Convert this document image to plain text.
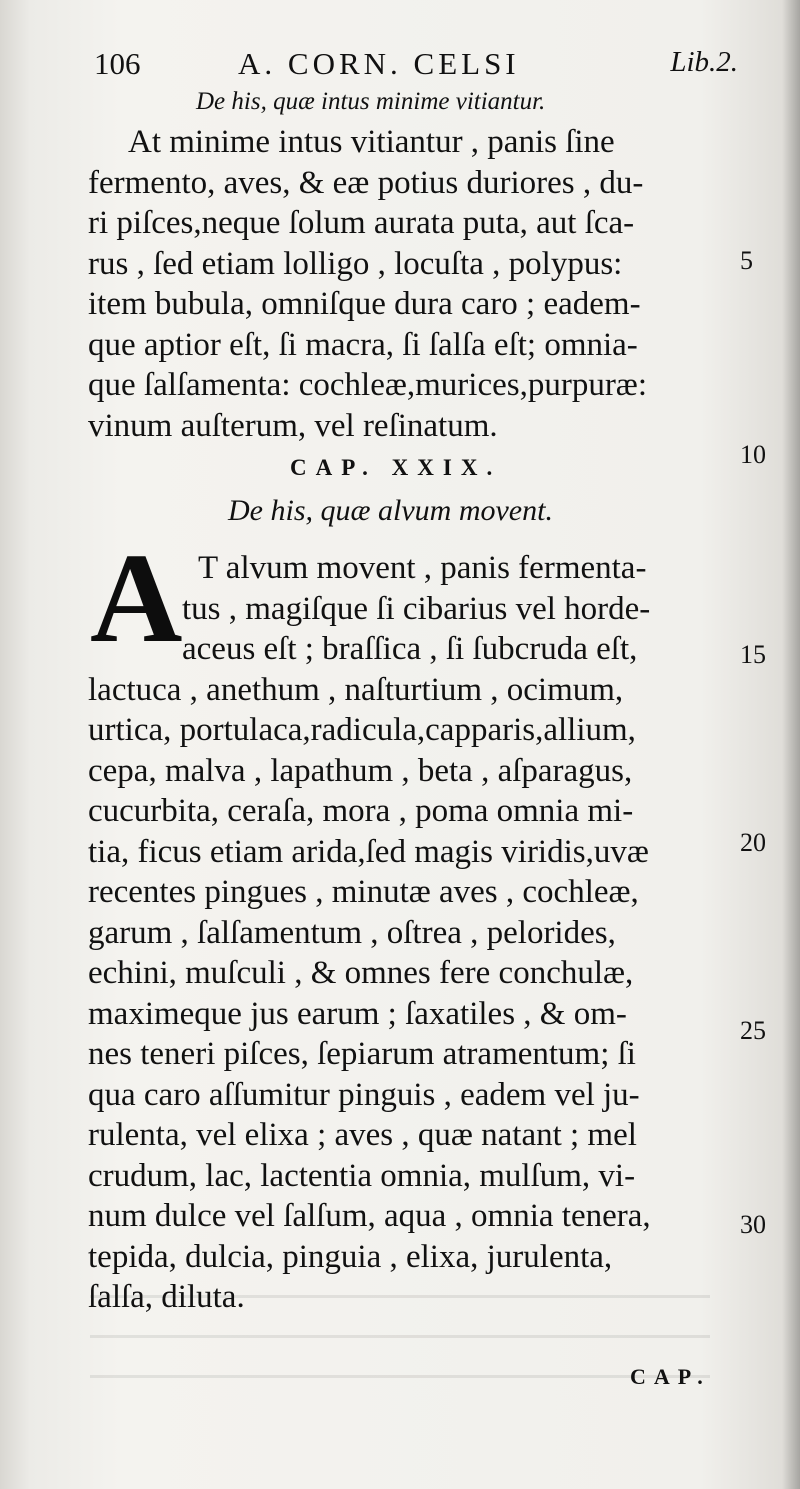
106	A. CORN. CELSI	Lib.2.
De his, quæ intus minime vitiantur.
At minime intus vitiantur , panis ſine
fermento, aves, & eæ potius duriores , du-
ri piſces,neque ſolum aurata puta, aut ſca-
rus , ſed etiam lolligo , locuſta , polypus:
item bubula, omniſque dura caro ; eadem-
que aptior eſt, ſi macra, ſi ſalſa eſt; omnia-
que ſalſamenta: cochleæ,murices,purpuræ:
vinum auſterum, vel reſinatum.
CAP. XXIX.
De his, quæ alvum movent.
A T alvum movent , panis fermenta-
tus , magiſque ſi cibarius vel horde-
aceus eſt ; braſſica , ſi ſubcruda eſt,
lactuca , anethum , naſturtium , ocimum,
urtica, portulaca,radicula,capparis,allium,
cepa, malva , lapathum , beta , aſparagus,
cucurbita, ceraſa, mora , poma omnia mi-
tia, ficus etiam arida,ſed magis viridis,uvæ
recentes pingues , minutæ aves , cochleæ,
garum , ſalſamentum , oſtrea , pelorides,
echini, muſculi , & omnes fere conchulæ,
maximeque jus earum ; ſaxatiles , & om-
nes teneri piſces, ſepiarum atramentum; ſi
qua caro aſſumitur pinguis , eadem vel ju-
rulenta, vel elixa ; aves , quæ natant ; mel
crudum, lac, lactentia omnia, mulſum, vi-
num dulce vel ſalſum, aqua , omnia tenera,
tepida, dulcia, pinguia , elixa, jurulenta,
ſalſa, diluta.
5
10
15
20
25
30
CAP.
